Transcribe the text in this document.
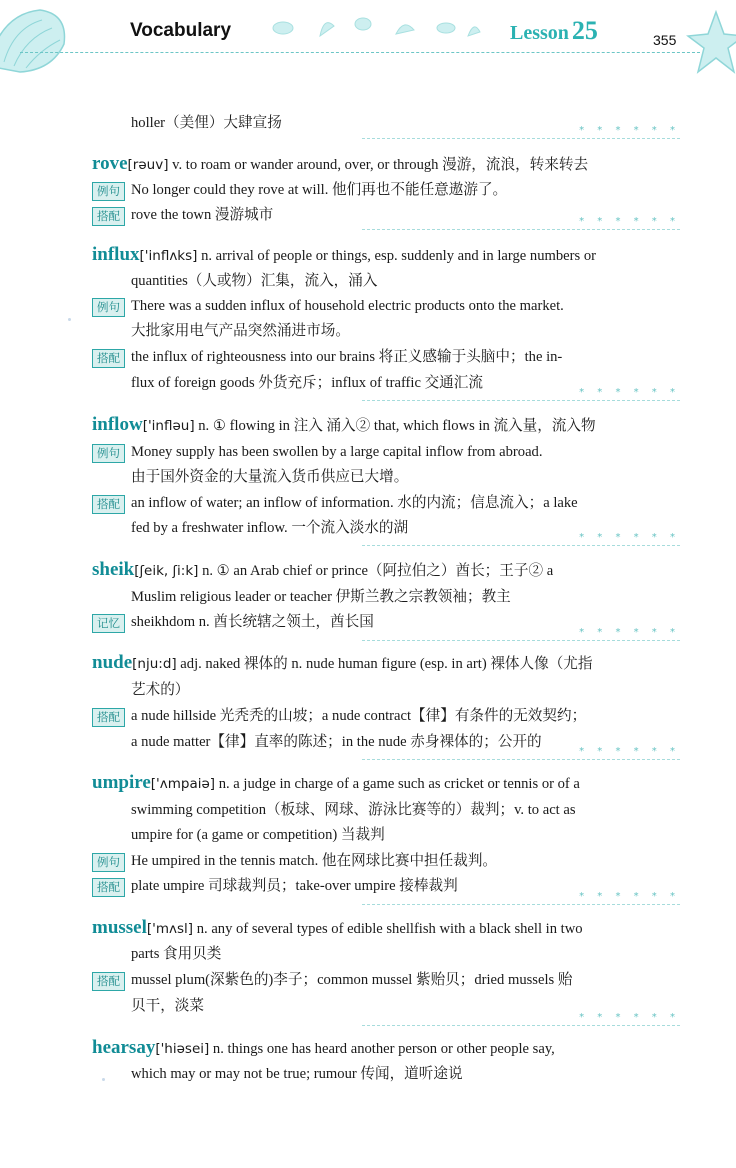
Vocabulary	Lesson 25	355
holler（美俚）大肆宣扬	* * * * * *
rove[rəuv] v. to roam or wander around, over, or through 漫游，流浪，转来转去
例句 No longer could they rove at will. 他们再也不能任意遨游了。
搭配 rove the town 漫游城市	* * * * * *
influx['inflʌks] n. arrival of people or things, esp. suddenly and in large numbers or
quantities（人或物）汇集，流入，涌入
例句 There was a sudden influx of household electric products onto the market.
大批家用电气产品突然涌进市场。
搭配 the influx of righteousness into our brains 将正义感输于头脑中；the in-
flux of foreign goods 外货充斥；influx of traffic 交通汇流
* * * * * *
inflow['infləu] n. ① flowing in 注入 涌入② that, which flows in 流入量，流入物
例句 Money supply has been swollen by a large capital inflow from abroad.
由于国外资金的大量流入货币供应已大增。
搭配 an inflow of water; an inflow of information. 水的内流；信息流入；a lake
fed by a freshwater inflow. 一个流入淡水的湖
* * * * * *
sheik[ʃeik, ʃi:k] n. ① an Arab chief or prince（阿拉伯之）酋长；王子② a
Muslim religious leader or teacher 伊斯兰教之宗教领袖；教主
记忆 sheikhdom n. 酋长统辖之领土，酋长国
* * * * * *
nude[nju:d] adj. naked 裸体的 n. nude human figure (esp. in art) 裸体人像（尤指
艺术的）
搭配 a nude hillside 光秃秃的山坡；a nude contract【律】有条件的无效契约；
a nude matter【律】直率的陈述；in the nude 赤身裸体的；公开的
* * * * * *
umpire['ʌmpaiə] n. a judge in charge of a game such as cricket or tennis or of a
swimming competition（板球、网球、游泳比赛等的）裁判；v. to act as
umpire for (a game or competition) 当裁判
例句 He umpired in the tennis match. 他在网球比赛中担任裁判。
搭配 plate umpire 司球裁判员；take-over umpire 接棒裁判
* * * * * *
mussel['mʌsl] n. any of several types of edible shellfish with a black shell in two
parts 食用贝类
搭配 mussel plum(深紫色的)李子；common mussel 紫贻贝；dried mussels 贻
贝干，淡菜
* * * * * *
hearsay['hiəsei] n. things one has heard another person or other people say,
which may or may not be true; rumour 传闻，道听途说
